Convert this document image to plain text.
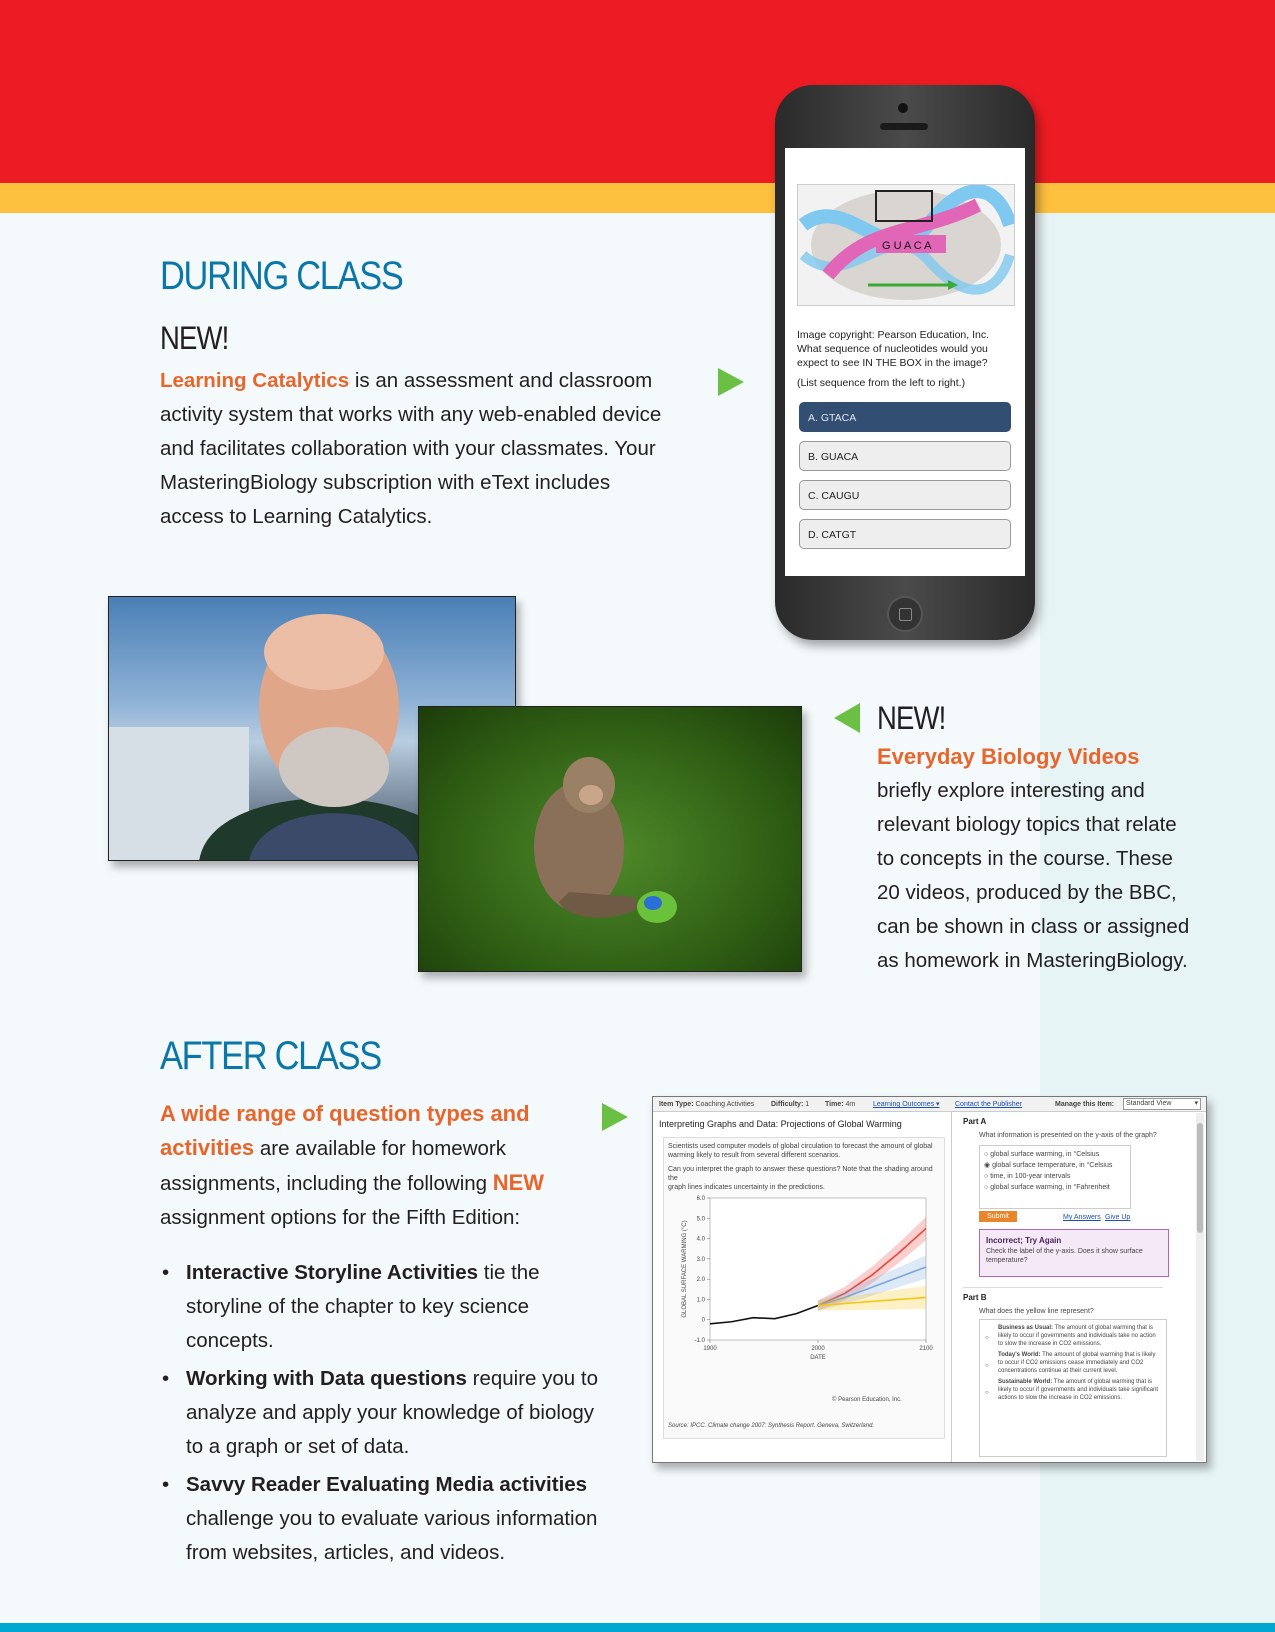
DURING CLASS
NEW!
Learning Catalytics is an assessment and classroom
activity system that works with any web-enabled device
and facilitates collaboration with your classmates. Your
MasteringBiology subscription with eText includes
access to Learning Catalytics.
G U A C A
Image copyright: Pearson Education, Inc.
What sequence of nucleotides would you
expect to see IN THE BOX in the image?
(List sequence from the left to right.)
A. GTACA
B. GUACA
C. CAUGU
D. CATGT
NEW!
Everyday Biology Videos
briefly explore interesting and
relevant biology topics that relate
to concepts in the course. These
20 videos, produced by the BBC,
can be shown in class or assigned
as homework in MasteringBiology.
AFTER CLASS
A wide range of question types and
activities are available for homework
assignments, including the following NEW
assignment options for the Fifth Edition:
• Interactive Storyline Activities tie the
storyline of the chapter to key science
concepts.
• Working with Data questions require you to
analyze and apply your knowledge of biology
to a graph or set of data.
• Savvy Reader Evaluating Media activities
challenge you to evaluate various information
from websites, articles, and videos.
Item Type: Coaching Activities Difficulty: 1 Time: 4m	Learning Outcomes ▾ Contact the Publisher	Manage this Item:	Standard View	▾
Interpreting Graphs and Data: Projections of Global Warming
Scientists used computer models of global circulation to forecast the amount of global
warming likely to result from several different scenarios.
Can you interpret the graph to answer these questions? Note that the shading around the
graph lines indicates uncertainty in the predictions.
6.0
5.0
4.0
3.0
2.0
1.0
0
-1.0
1900	2000	2100
DATE
GLOBAL SURFACE WARMING (°C)
© Pearson Education, Inc.
Source: IPCC. Climate change 2007: Synthesis Report. Geneva, Switzerland.
Part A
What information is presented on the y-axis of the graph?
○ global surface warming, in °Celsius
◉ global surface temperature, in °Celsius
○ time, in 100-year intervals
○ global surface warming, in °Fahrenheit
Submit	My Answers Give Up
Incorrect; Try Again
Check the label of the y-axis. Does it show surface temperature?
Part B
What does the yellow line represent?
○
Business as Usual: The amount of global warming that is likely to occur if governments and individuals take no action to slow the increase in CO2 emissions.
○
Today's World: The amount of global warming that is likely to occur if CO2 emissions cease immediately and CO2 concentrations continue at their current level.
○
Sustainable World: The amount of global warming that is likely to occur if governments and individuals take significant actions to slow the increase in CO2 emissions.
